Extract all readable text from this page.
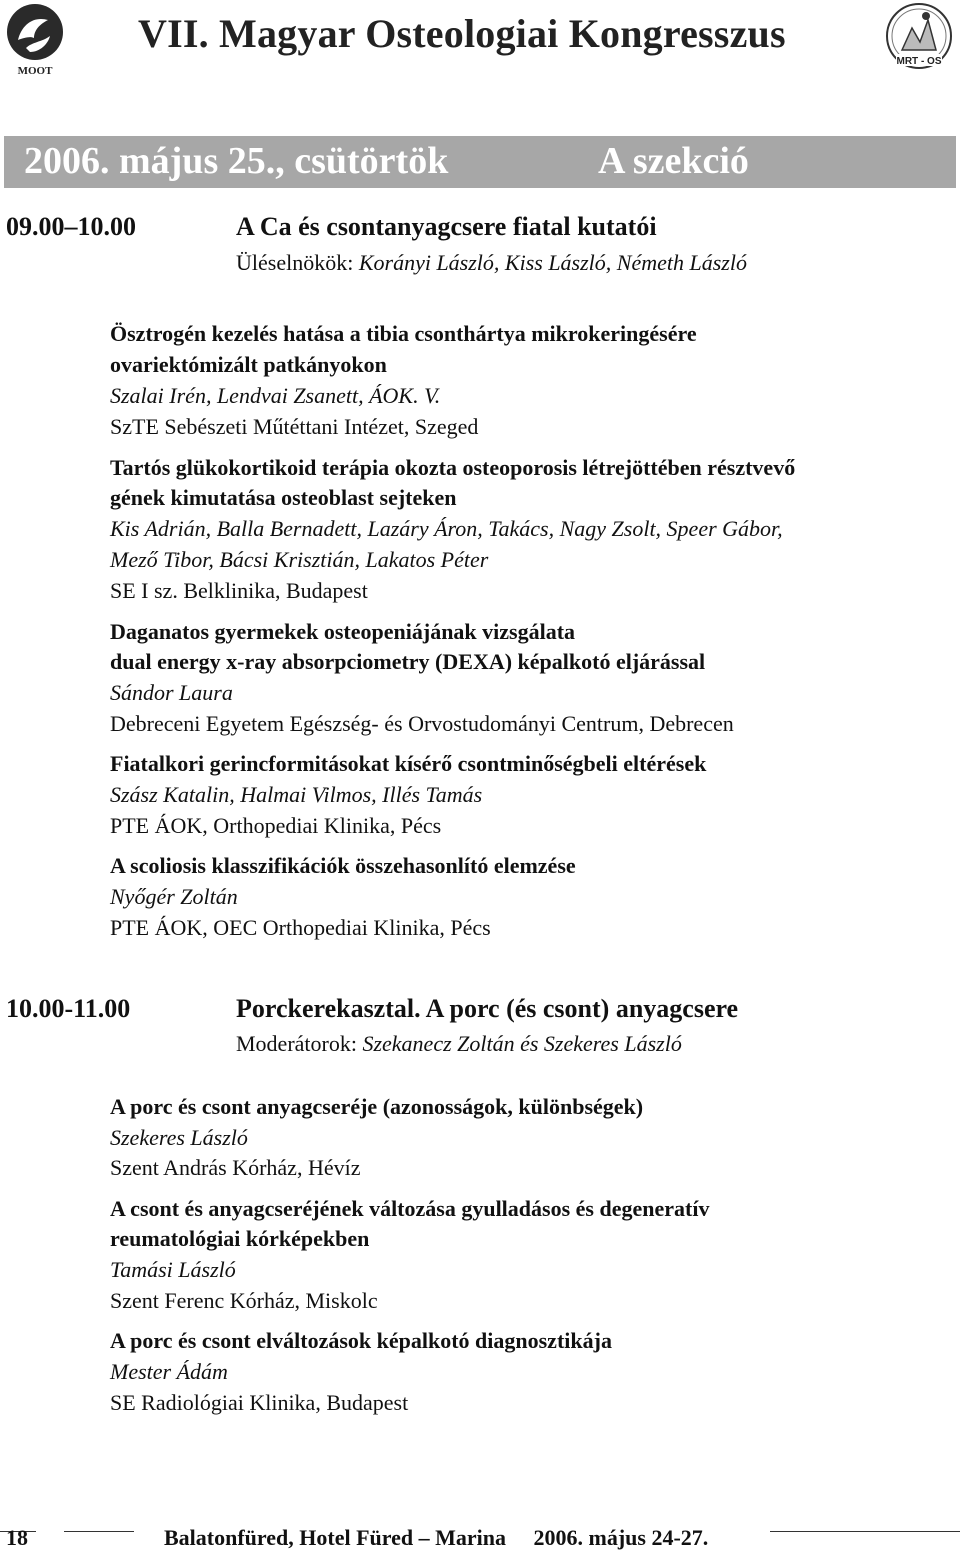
MOOT
VII. Magyar Osteologiai Kongresszus
MRT - OS
2006. május 25., csütörtök	A szekció
09.00–10.00	A Ca és csontanyagcsere fiatal kutatói
Üléselnökök: Korányi László, Kiss László, Németh László
Ösztrogén kezelés hatása a tibia csonthártya mikrokeringésére
ovariektómizált patkányokon
Szalai Irén, Lendvai Zsanett, ÁOK. V.
SzTE Sebészeti Műtéttani Intézet, Szeged
Tartós glükokortikoid terápia okozta osteoporosis létrejöttében résztvevő
gének kimutatása osteoblast sejteken
Kis Adrián, Balla Bernadett, Lazáry Áron, Takács, Nagy Zsolt, Speer Gábor,
Mező Tibor, Bácsi Krisztián, Lakatos Péter
SE I sz. Belklinika, Budapest
Daganatos gyermekek osteopeniájának vizsgálata
dual energy x-ray absorpciometry (DEXA) képalkotó eljárással
Sándor Laura
Debreceni Egyetem Egészség- és Orvostudományi Centrum, Debrecen
Fiatalkori gerincformitásokat kísérő csontminőségbeli eltérések
Szász Katalin, Halmai Vilmos, Illés Tamás
PTE ÁOK, Orthopediai Klinika, Pécs
A scoliosis klasszifikációk összehasonlító elemzése
Nyőgér Zoltán
PTE ÁOK, OEC Orthopediai Klinika, Pécs
10.00-11.00	Porckerekasztal. A porc (és csont) anyagcsere
Moderátorok: Szekanecz Zoltán és Szekeres László
A porc és csont anyagcseréje (azonosságok, különbségek)
Szekeres László
Szent András Kórház, Hévíz
A csont és anyagcseréjének változása gyulladásos és degeneratív
reumatológiai kórképekben
Tamási László
Szent Ferenc Kórház, Miskolc
A porc és csont elváltozások képalkotó diagnosztikája
Mester Ádám
SE Radiológiai Klinika, Budapest
18	Balatonfüred, Hotel Füred – Marina 2006. május 24-27.
